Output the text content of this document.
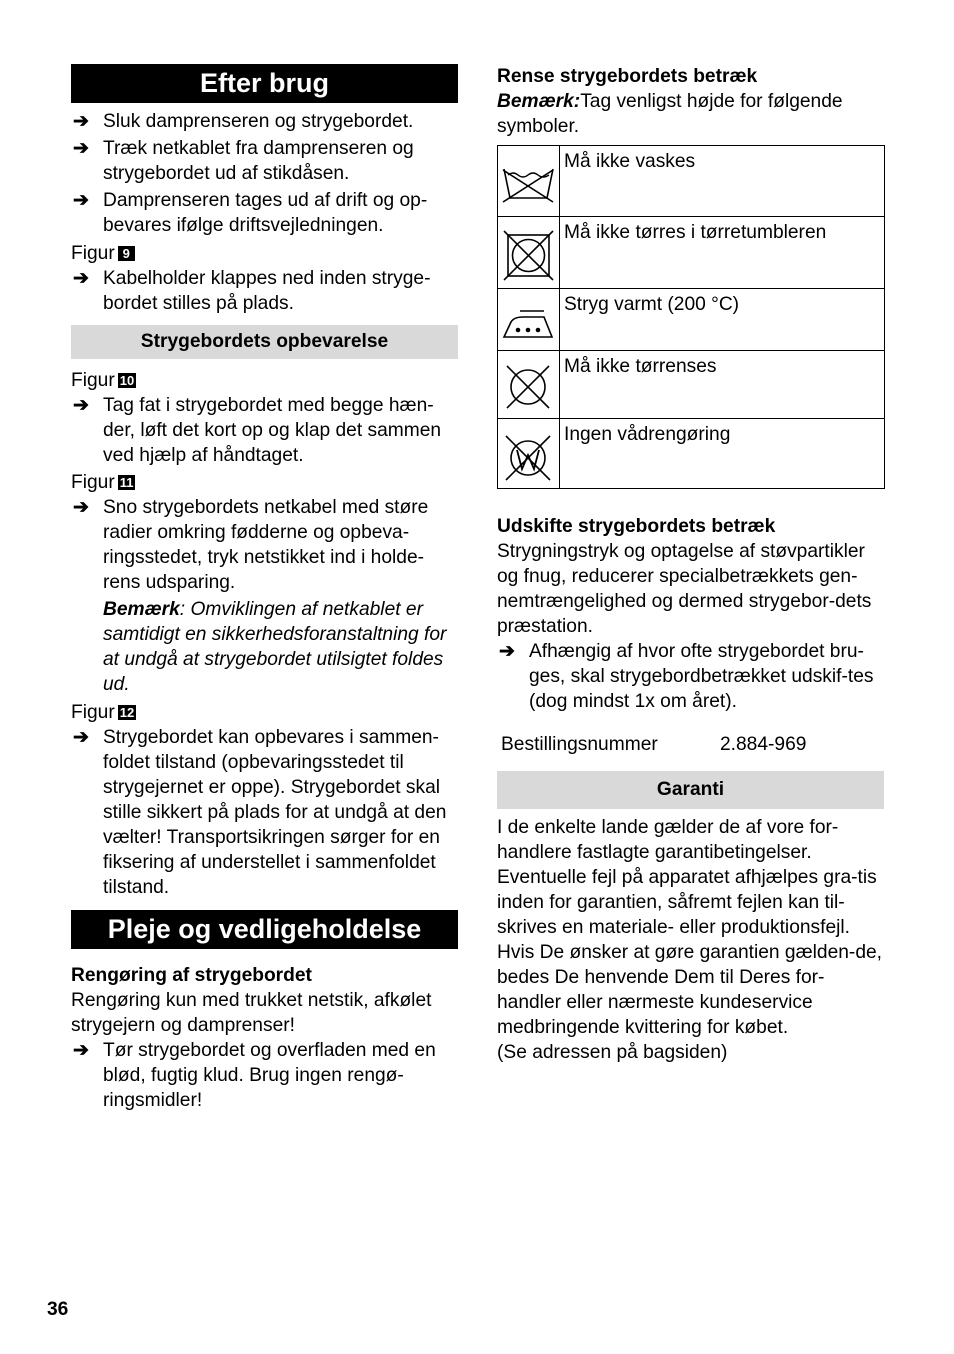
Efter brug
➔ Sluk damprenseren og strygebordet.
➔ Træk netkablet fra damprenseren og strygebordet ud af stikdåsen.
➔ Damprenseren tages ud af drift og op-bevares ifølge driftsvejledningen.

Figur 9

➔ Kabelholder klappes ned inden stryge-bordet stilles på plads.
Strygebordets opbevarelse

Figur 10

➔ Tag fat i strygebordet med begge hæn-der, løft det kort op og klap det sammen ved hjælp af håndtaget.

Figur 11

➔ Sno strygebordets netkabel med støre radier omkring fødderne og opbeva-ringsstedet, tryk netstikket ind i holde-rens udsparing.

Bemærk: Omviklingen af netkablet er samtidigt en sikkerhedsforanstaltning for at undgå at strygebordet utilsigtet foldes ud.

Figur 12

➔ Strygebordet kan opbevares i sammen-foldet tilstand (opbevaringsstedet til strygejernet er oppe). Strygebordet skal stille sikkert på plads for at undgå at den vælter! Transportsikringen sørger for en fiksering af understellet i sammenfoldet tilstand.
Pleje og vedligeholdelse

Rengøring af strygebordet

Rengøring kun med trukket netstik, afkølet strygejern og damprenser!

➔ Tør strygebordet og overfladen med en blød, fugtig klud. Brug ingen rengø-ringsmidler!

Rense strygebordets betræk

Bemærk:Tag venligst højde for følgende symboler.

	Må ikke vaskes
	Må ikke tørres i tørretumbleren
	Stryg varmt (200 °C)
	Må ikke tørrenses
	Ingen vådrengøring

Udskifte strygebordets betræk

Strygningstryk og optagelse af støvpartikler og fnug, reducerer specialbetrækkets gen-nemtrængelighed og dermed strygebor-dets præstation.

➔ Afhængig af hvor ofte strygebordet bru-ges, skal strygebordbetrækket udskif-tes (dog mindst 1x om året).
Bestillingsnummer	2.884-969
Garanti

I de enkelte lande gælder de af vore for-handlere fastlagte garantibetingelser. Eventuelle fejl på apparatet afhjælpes gra-tis inden for garantien, såfremt fejlen kan til-skrives en materiale- eller produktionsfejl. Hvis De ønsker at gøre garantien gælden-de, bedes De henvende Dem til Deres for-handler eller nærmeste kundeservice medbringende kvittering for købet.

(Se adressen på bagsiden)

36
